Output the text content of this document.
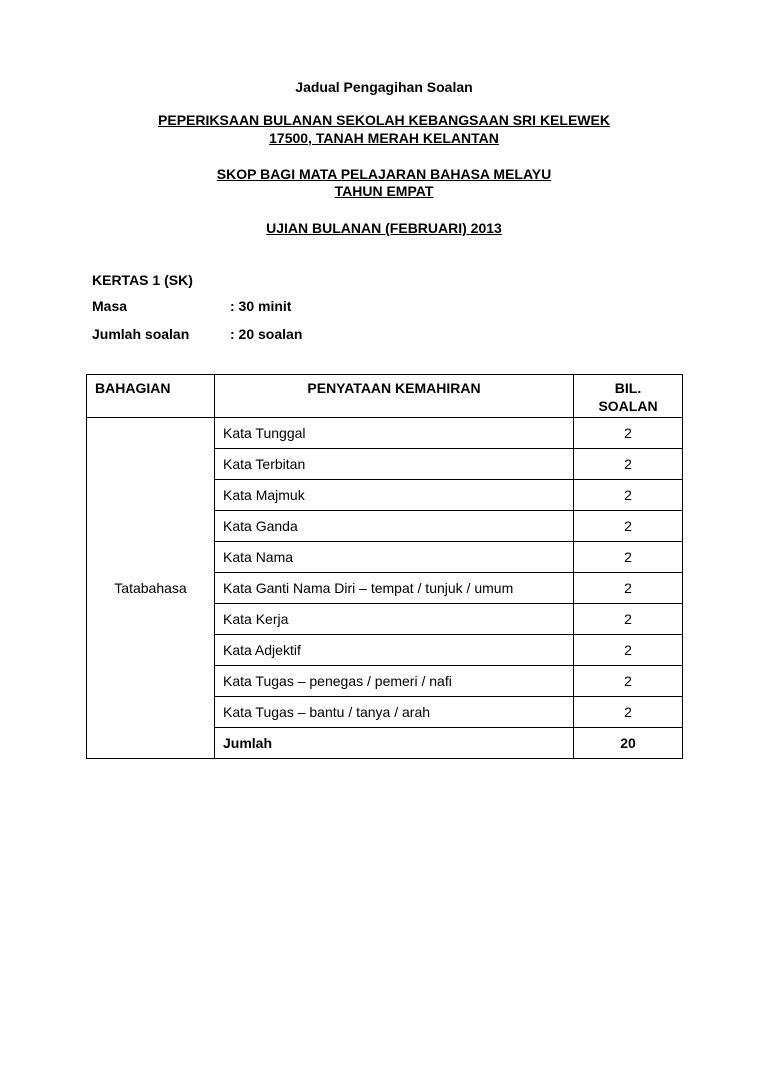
Jadual Pengagihan Soalan
PEPERIKSAAN BULANAN SEKOLAH KEBANGSAAN SRI KELEWEK
17500, TANAH MERAH KELANTAN
SKOP BAGI MATA PELAJARAN BAHASA MELAYU
TAHUN EMPAT
UJIAN BULANAN (FEBRUARI) 2013
KERTAS 1 (SK)
Masa	: 30 minit
Jumlah soalan	: 20 soalan
BAHAGIAN	PENYATAAN KEMAHIRAN	BIL.
SOALAN

Tatabahasa	Kata Tunggal	2
	Kata Terbitan	2
	Kata Majmuk	2
	Kata Ganda	2
	Kata Nama	2
	Kata Ganti Nama Diri – tempat / tunjuk / umum	2
	Kata Kerja	2
	Kata Adjektif	2
	Kata Tugas – penegas / pemeri / nafi	2
	Kata Tugas – bantu / tanya / arah	2
	Jumlah	20
